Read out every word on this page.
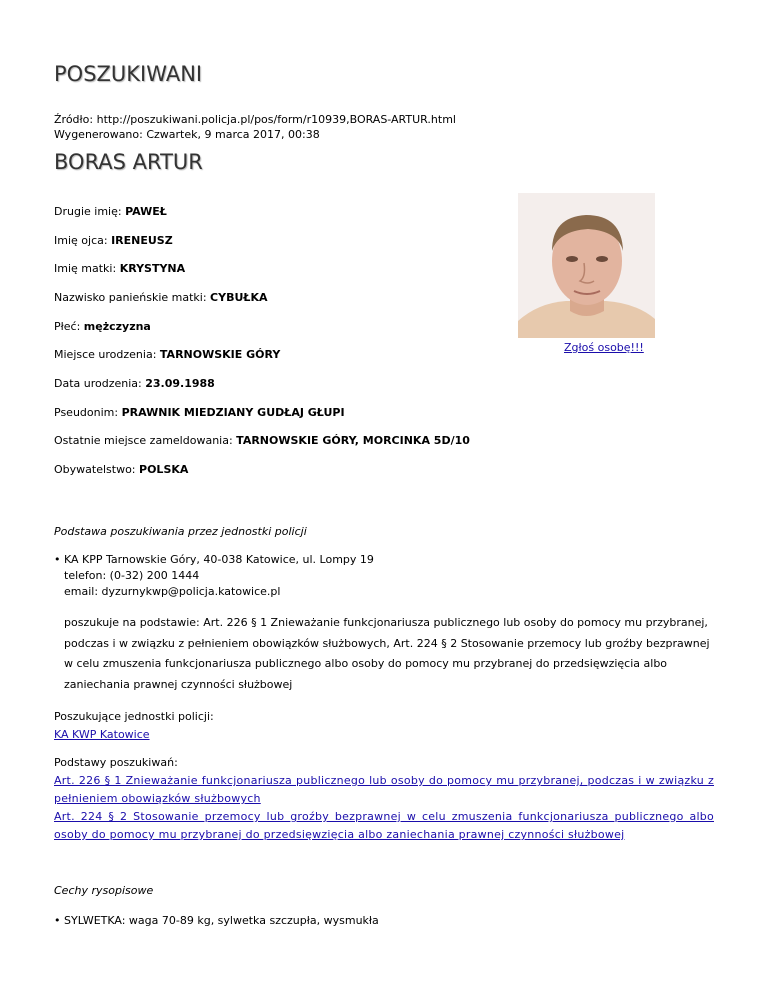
POSZUKIWANI
Źródło: http://poszukiwani.policja.pl/pos/form/r10939,BORAS-ARTUR.html
Wygenerowano: Czwartek, 9 marca 2017, 00:38
BORAS ARTUR
Drugie imię: PAWEŁ
Imię ojca: IRENEUSZ
Imię matki: KRYSTYNA
Nazwisko panieńskie matki: CYBUŁKA
Płeć: mężczyzna
Miejsce urodzenia: TARNOWSKIE GÓRY
Data urodzenia: 23.09.1988
Pseudonim: PRAWNIK MIEDZIANY GUDŁAJ GŁUPI
Ostatnie miejsce zameldowania: TARNOWSKIE GÓRY, MORCINKA 5D/10
Obywatelstwo: POLSKA
Zgłoś osobę!!!
Podstawa poszukiwania przez jednostki policji
• KA KPP Tarnowskie Góry, 40-038 Katowice, ul. Lompy 19
telefon: (0-32) 200 1444
email: dyzurnykwp@policja.katowice.pl
poszukuje na podstawie: Art. 226 § 1 Znieważanie funkcjonariusza publicznego lub osoby do pomocy mu przybranej, podczas i w związku z pełnieniem obowiązków służbowych, Art. 224 § 2 Stosowanie przemocy lub groźby bezprawnej w celu zmuszenia funkcjonariusza publicznego albo osoby do pomocy mu przybranej do przedsięwzięcia albo zaniechania prawnej czynności służbowej
Poszukujące jednostki policji:
KA KWP Katowice
Podstawy poszukiwań:
Art. 226 § 1 Znieważanie funkcjonariusza publicznego lub osoby do pomocy mu przybranej, podczas i w związku z pełnieniem obowiązków służbowych
Art. 224 § 2 Stosowanie przemocy lub groźby bezprawnej w celu zmuszenia funkcjonariusza publicznego albo osoby do pomocy mu przybranej do przedsięwzięcia albo zaniechania prawnej czynności służbowej
Cechy rysopisowe
• SYLWETKA: waga 70-89 kg, sylwetka szczupła, wysmukła
